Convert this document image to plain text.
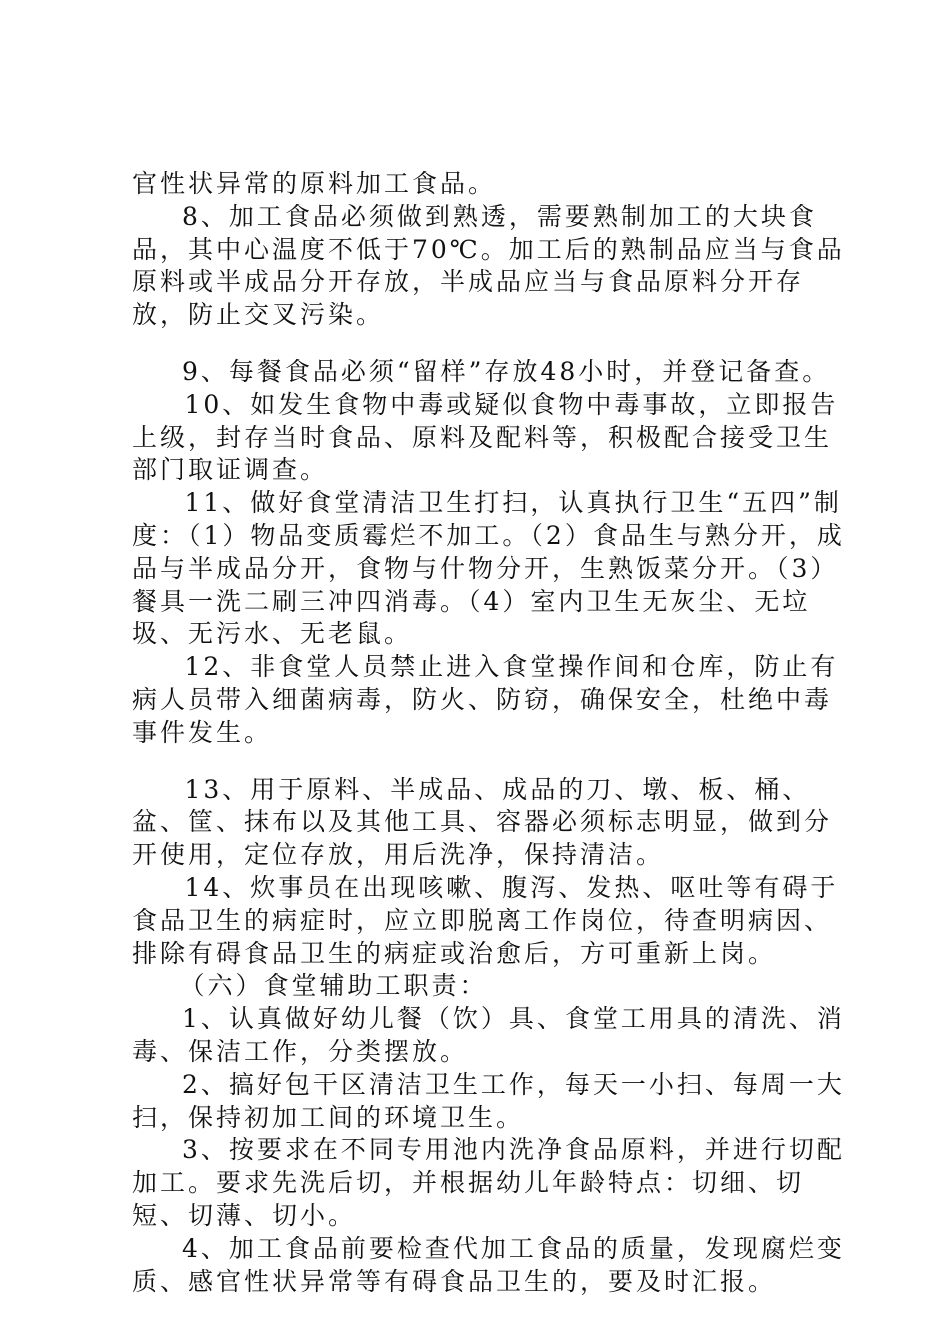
官性状异常的原料加工食品。

8、加工食品必须做到熟透，需要熟制加工的大块食品，其中心温度不低于70℃。加工后的熟制品应当与食品原料或半成品分开存放，半成品应当与食品原料分开存放，防止交叉污染。

9、每餐食品必须“留样”存放48小时，并登记备查。

10、如发生食物中毒或疑似食物中毒事故，立即报告上级，封存当时食品、原料及配料等，积极配合接受卫生部门取证调查。

11、做好食堂清洁卫生打扫，认真执行卫生“五四”制度：（1）物品变质霉烂不加工。（2）食品生与熟分开，成品与半成品分开，食物与什物分开，生熟饭菜分开。（3）餐具一洗二刷三冲四消毒。（4）室内卫生无灰尘、无垃圾、无污水、无老鼠。

12、非食堂人员禁止进入食堂操作间和仓库，防止有病人员带入细菌病毒，防火、防窃，确保安全，杜绝中毒事件发生。

13、用于原料、半成品、成品的刀、墩、板、桶、盆、筐、抹布以及其他工具、容器必须标志明显，做到分开使用，定位存放，用后洗净，保持清洁。

14、炊事员在出现咳嗽、腹泻、发热、呕吐等有碍于食品卫生的病症时，应立即脱离工作岗位，待查明病因、排除有碍食品卫生的病症或治愈后，方可重新上岗。

（六）食堂辅助工职责：

1、认真做好幼儿餐（饮）具、食堂工用具的清洗、消毒、保洁工作，分类摆放。

2、搞好包干区清洁卫生工作，每天一小扫、每周一大扫，保持初加工间的环境卫生。

3、按要求在不同专用池内洗净食品原料，并进行切配加工。要求先洗后切，并根据幼儿年龄特点：切细、切短、切薄、切小。

4、加工食品前要检查代加工食品的质量，发现腐烂变质、感官性状异常等有碍食品卫生的，要及时汇报。
